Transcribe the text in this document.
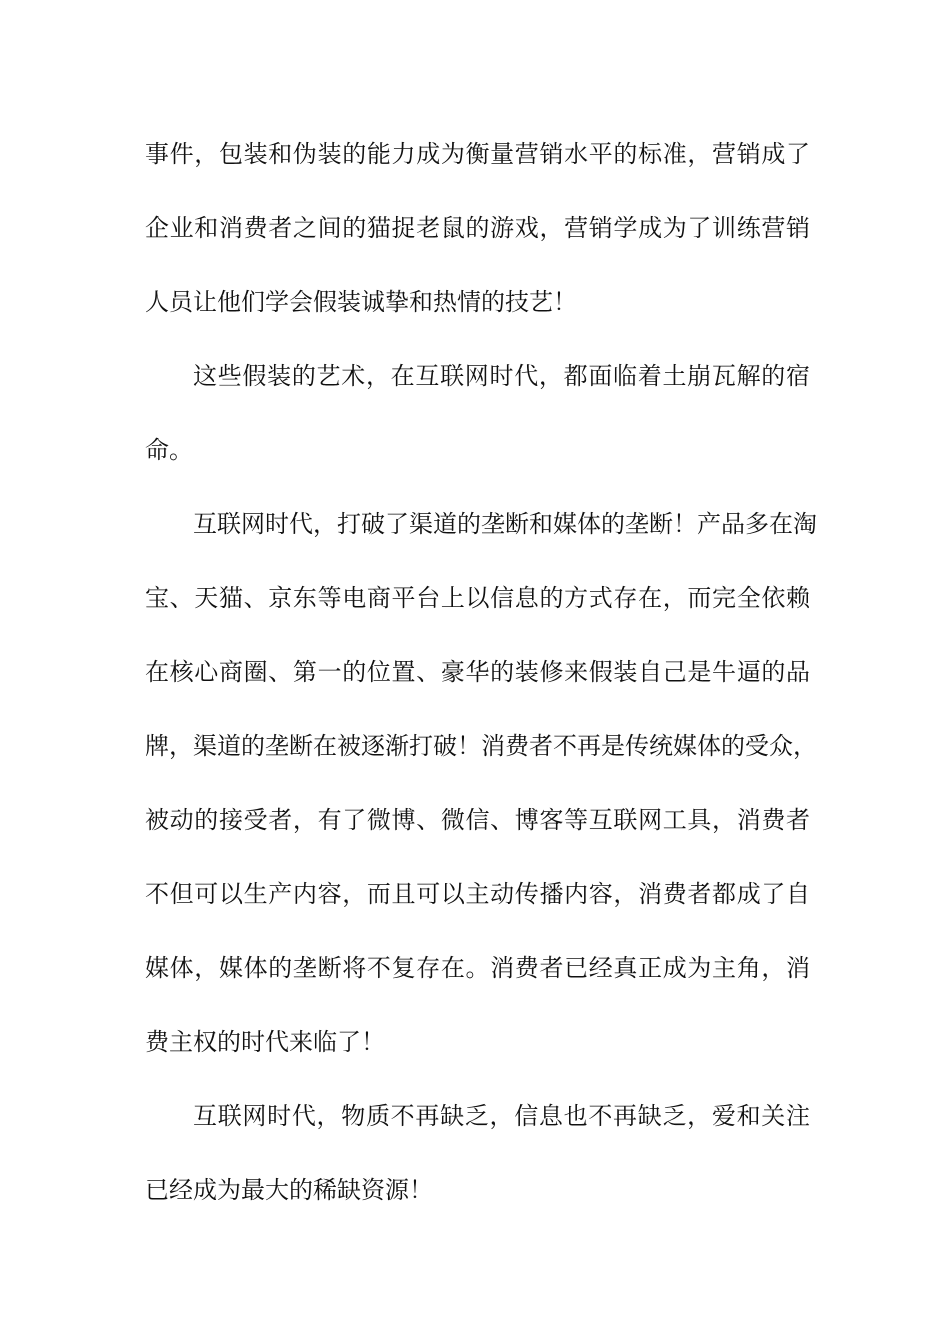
事件，包装和伪装的能力成为衡量营销水平的标准，营销成了
企业和消费者之间的猫捉老鼠的游戏，营销学成为了训练营销
人员让他们学会假装诚挚和热情的技艺！
这些假装的艺术，在互联网时代，都面临着土崩瓦解的宿
命。
互联网时代，打破了渠道的垄断和媒体的垄断！产品多在淘
宝、天猫、京东等电商平台上以信息的方式存在，而完全依赖
在核心商圈、第一的位置、豪华的装修来假装自己是牛逼的品
牌，渠道的垄断在被逐渐打破！消费者不再是传统媒体的受众，
被动的接受者，有了微博、微信、博客等互联网工具，消费者
不但可以生产内容，而且可以主动传播内容，消费者都成了自
媒体，媒体的垄断将不复存在。消费者已经真正成为主角，消
费主权的时代来临了！
互联网时代，物质不再缺乏，信息也不再缺乏，爱和关注
已经成为最大的稀缺资源！
